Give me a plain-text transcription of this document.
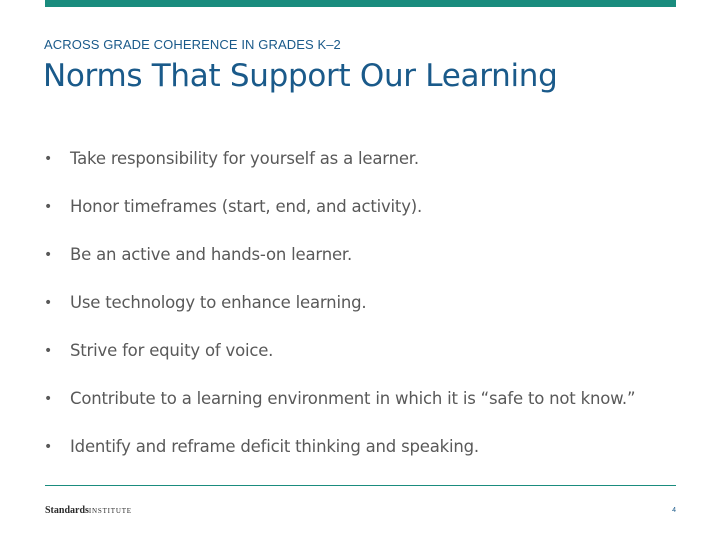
ACROSS GRADE COHERENCE IN GRADES K–2
Norms That Support Our Learning
• Take responsibility for yourself as a learner.
• Honor timeframes (start, end, and activity).
• Be an active and hands-on learner.
• Use technology to enhance learning.
• Strive for equity of voice.
• Contribute to a learning environment in which it is “safe to not know.”
• Identify and reframe deficit thinking and speaking.
StandardsINSTITUTE	4
